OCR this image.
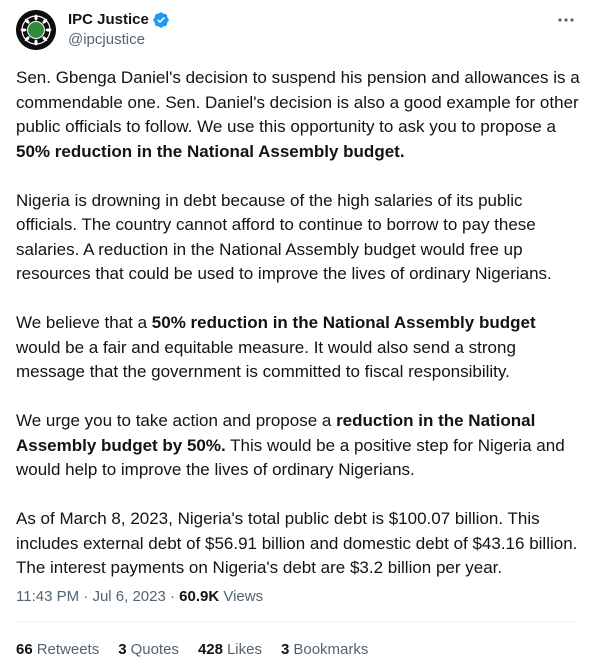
IPC Justice
@ipcjustice

Sen. Gbenga Daniel's decision to suspend his pension and allowances is a commendable one. Sen. Daniel's decision is also a good example for other public officials to follow. We use this opportunity to ask you to propose a 50% reduction in the National Assembly budget.

Nigeria is drowning in debt because of the high salaries of its public officials. The country cannot afford to continue to borrow to pay these salaries. A reduction in the National Assembly budget would free up resources that could be used to improve the lives of ordinary Nigerians.

We believe that a 50% reduction in the National Assembly budget would be a fair and equitable measure. It would also send a strong message that the government is committed to fiscal responsibility.

We urge you to take action and propose a reduction in the National Assembly budget by 50%. This would be a positive step for Nigeria and would help to improve the lives of ordinary Nigerians.

As of March 8, 2023, Nigeria's total public debt is $100.07 billion. This includes external debt of $56.91 billion and domestic debt of $43.16 billion. The interest payments on Nigeria's debt are $3.2 billion per year.

11:43 PM · Jul 6, 2023 · 60.9K Views
66 Retweets 3 Quotes 428 Likes 3 Bookmarks
